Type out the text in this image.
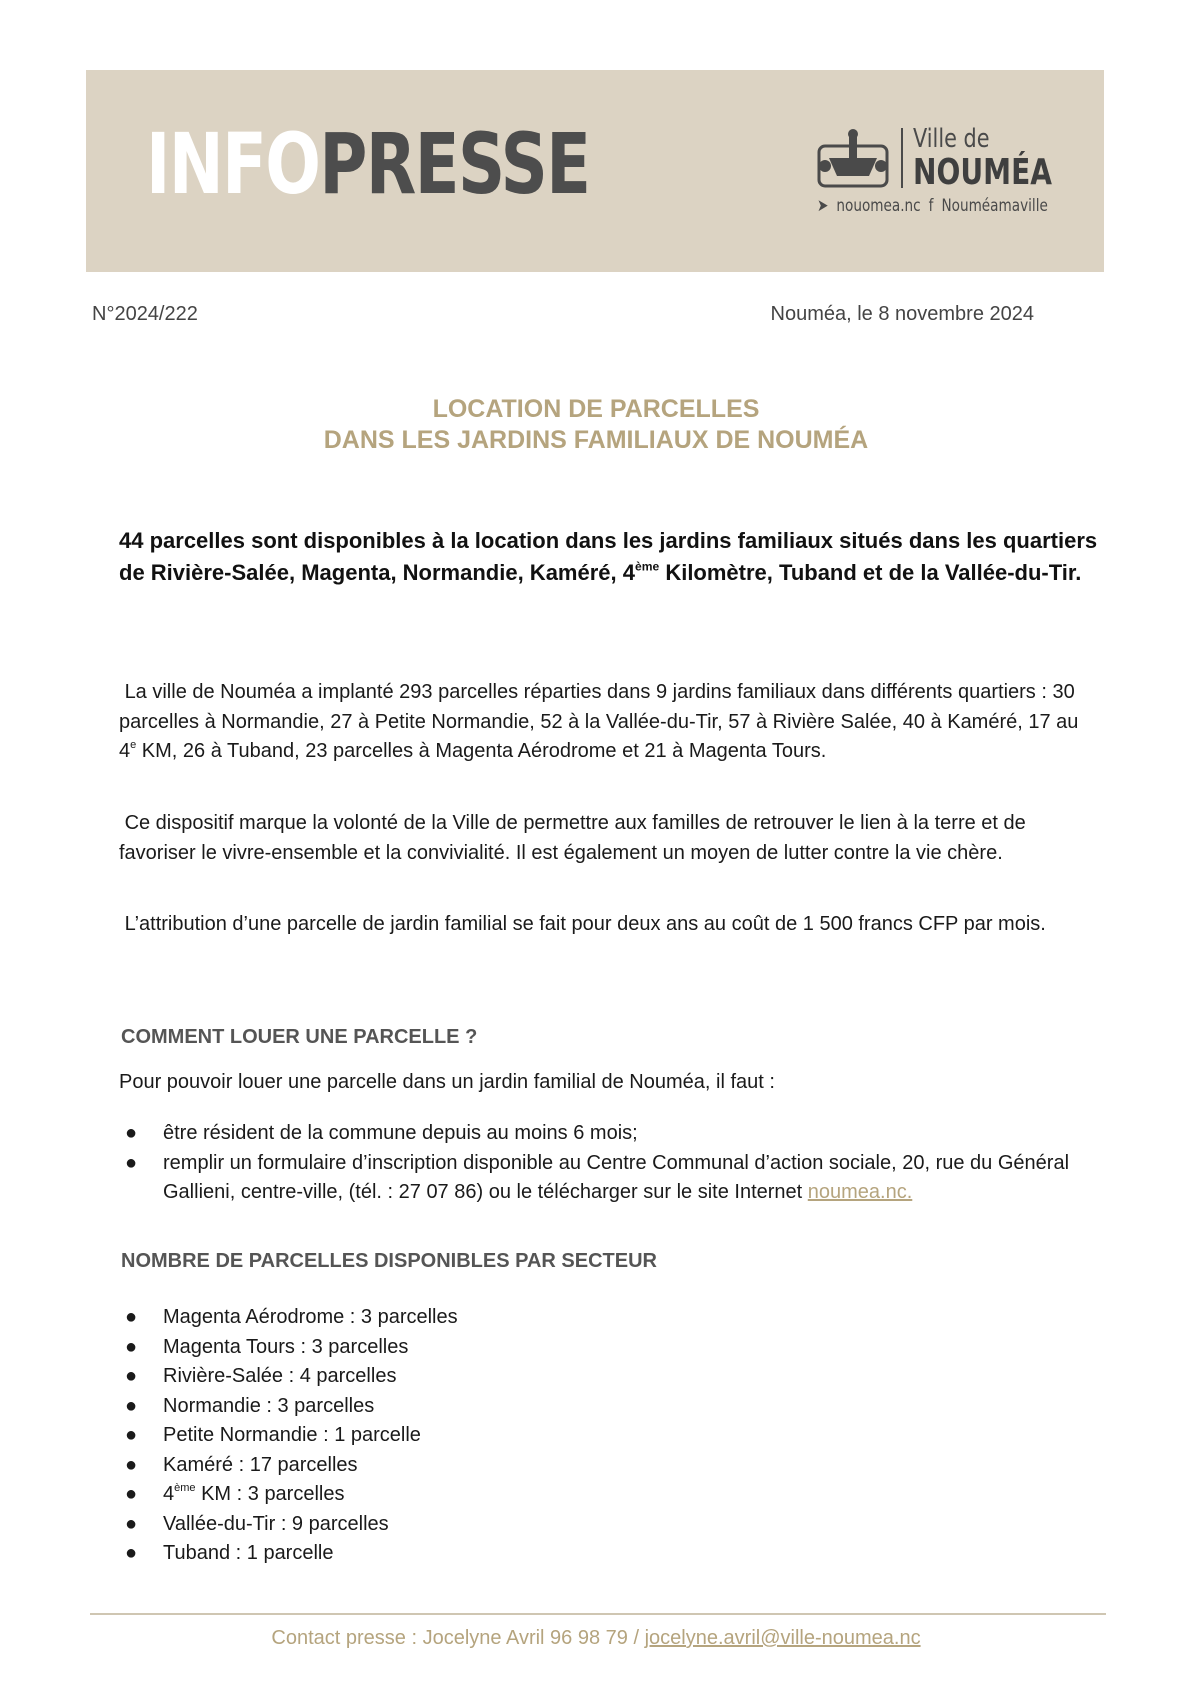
INFOPRESSE	Ville de
NOUMÉA
➤ nouomea.nc f Nouméamaville
N°2024/222	Nouméa, le 8 novembre 2024
LOCATION DE PARCELLES
DANS LES JARDINS FAMILIAUX DE NOUMÉA
44 parcelles sont disponibles à la location dans les jardins familiaux situés dans les quartiers de Rivière-Salée, Magenta, Normandie, Kaméré, 4ème Kilomètre, Tuband et de la Vallée-du-Tir.
La ville de Nouméa a implanté 293 parcelles réparties dans 9 jardins familiaux dans différents quartiers : 30 parcelles à Normandie, 27 à Petite Normandie, 52 à la Vallée-du-Tir, 57 à Rivière Salée, 40 à Kaméré, 17 au 4e KM, 26 à Tuband, 23 parcelles à Magenta Aérodrome et 21 à Magenta Tours.
Ce dispositif marque la volonté de la Ville de permettre aux familles de retrouver le lien à la terre et de favoriser le vivre-ensemble et la convivialité. Il est également un moyen de lutter contre la vie chère.
L’attribution d’une parcelle de jardin familial se fait pour deux ans au coût de 1 500 francs CFP par mois.
COMMENT LOUER UNE PARCELLE ?
Pour pouvoir louer une parcelle dans un jardin familial de Nouméa, il faut :
● être résident de la commune depuis au moins 6 mois;
● remplir un formulaire d’inscription disponible au Centre Communal d’action sociale, 20, rue du Général Gallieni, centre-ville, (tél. : 27 07 86) ou le télécharger sur le site Internet noumea.nc.
NOMBRE DE PARCELLES DISPONIBLES PAR SECTEUR
● Magenta Aérodrome : 3 parcelles
● Magenta Tours : 3 parcelles
● Rivière-Salée : 4 parcelles
● Normandie : 3 parcelles
● Petite Normandie : 1 parcelle
● Kaméré : 17 parcelles
● 4ème KM : 3 parcelles
● Vallée-du-Tir : 9 parcelles
● Tuband : 1 parcelle
Contact presse : Jocelyne Avril 96 98 79 / jocelyne.avril@ville-noumea.nc
